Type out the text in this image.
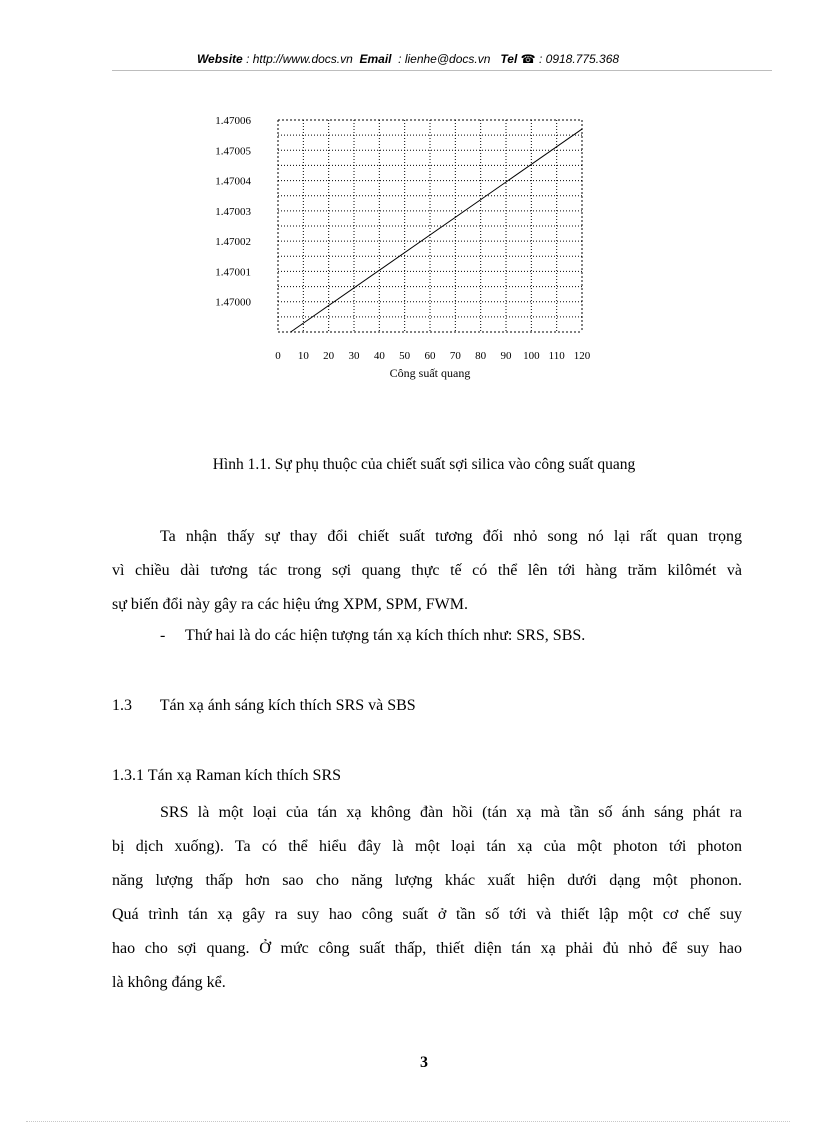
Website : http://www.docs.vn Email  : lienhe@docs.vn Tel ☎ : 0918.775.368
1.47006
1.47005
1.47004
1.47003
1.47002
1.47001
1.47000
0 10 20 30 40 50 60 70 80 90 100 110 120
Công suất quang
Hình 1.1. Sự phụ thuộc của chiết suất sợi silica vào công suất quang
Ta nhận thấy sự thay đổi chiết suất tương đối nhỏ song nó lại rất quan trọng
vì chiều dài tương tác trong sợi quang thực tế có thể lên tới hàng trăm kilômét và
sự biến đổi này gây ra các hiệu ứng XPM, SPM, FWM.
- Thứ hai là do các hiện tượng tán xạ kích thích như: SRS, SBS.
1.3 Tán xạ ánh sáng kích thích SRS và SBS
1.3.1 Tán xạ Raman kích thích SRS
SRS là một loại của tán xạ không đàn hồi (tán xạ mà tần số ánh sáng phát ra
bị dịch xuống). Ta có thể hiểu đây là một loại tán xạ của một photon tới photon
năng lượng thấp hơn sao cho năng lượng khác xuất hiện dưới dạng một phonon.
Quá trình tán xạ gây ra suy hao công suất ở tần số tới và thiết lập một cơ chế suy
hao cho sợi quang. Ở mức công suất thấp, thiết diện tán xạ phải đủ nhỏ để suy hao
là không đáng kể.
3
